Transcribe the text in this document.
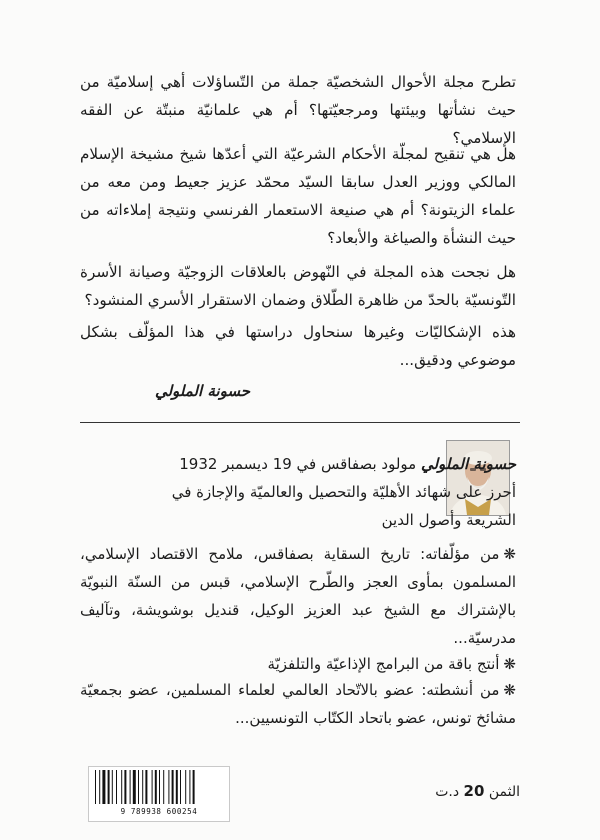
تطرح مجلة الأحوال الشخصيّة جملة من التّساؤلات أهي إسلاميّة من حيث نشأتها وبيئتها ومرجعيّتها؟ أم هي علمانيّة منبتّة عن الفقه الإسلامي؟

هل هي تنقيح لمجلّة الأحكام الشرعيّة التي أعدّها شيخ مشيخة الإسلام المالكي ووزير العدل سابقا السيّد محمّد عزيز جعيط ومن معه من علماء الزيتونة؟ أم هي صنيعة الاستعمار الفرنسي ونتيجة إملاءاته من حيث النشأة والصياغة والأبعاد؟

هل نجحت هذه المجلة في النّهوض بالعلاقات الزوجيّة وصيانة الأسرة التّونسيّة بالحدّ من ظاهرة الطّلاق وضمان الاستقرار الأسري المنشود؟

هذه الإشكاليّات وغيرها سنحاول دراستها في هذا المؤلّف بشكل موضوعي ودقيق...

حسونة الملولي

حسونة الملولي مولود بصفاقس في 19 ديسمبر 1932
أحرز على شهائد الأهليّة والتحصيل والعالميّة والإجازة في الشريعة وأصول الدين

❋من مؤلّفاته: تاريخ السقاية بصفاقس، ملامح الاقتصاد الإسلامي، المسلمون بمأوى العجز والطّرح الإسلامي، قبس من السنّة النبويّة بالإشتراك مع الشيخ عبد العزيز الوكيل، قنديل بوشويشة، وتآليف مدرسيّة...

❋أنتج باقة من البرامج الإذاعيّة والتلفزيّة

❋من أنشطته: عضو بالاتّحاد العالمي لعلماء المسلمين، عضو بجمعيّة مشائخ تونس، عضو باتحاد الكتّاب التونسيين...

9 789938 600254

الثمن 20 د.ت
